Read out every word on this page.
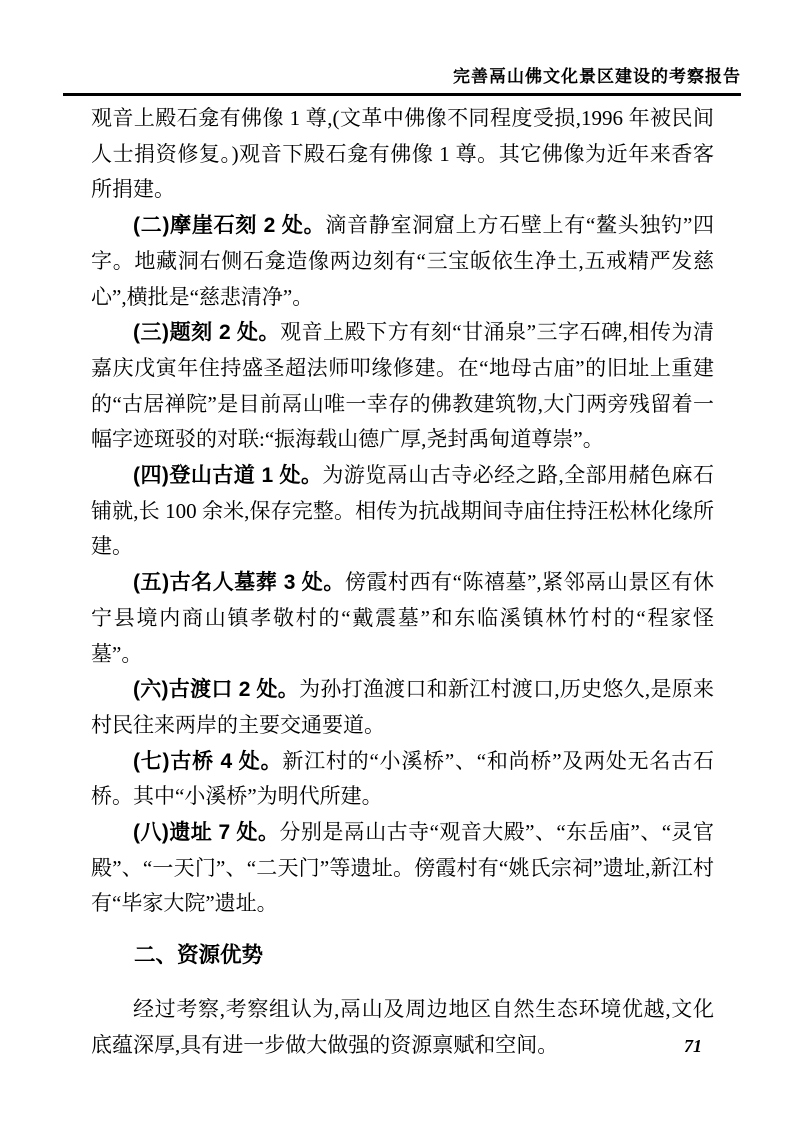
完善鬲山佛文化景区建设的考察报告

观音上殿石龛有佛像 1 尊,(文革中佛像不同程度受损,1996 年被民间人士捐资修复。)观音下殿石龛有佛像 1 尊。其它佛像为近年来香客所捐建。

(二)摩崖石刻 2 处。滴音静室洞窟上方石壁上有“鳌头独钓”四字。地藏洞右侧石龛造像两边刻有“三宝皈依生净土,五戒精严发慈心”,横批是“慈悲清净”。

(三)题刻 2 处。观音上殿下方有刻“甘涌泉”三字石碑,相传为清嘉庆戊寅年住持盛圣超法师叩缘修建。在“地母古庙”的旧址上重建的“古居禅院”是目前鬲山唯一幸存的佛教建筑物,大门两旁残留着一幅字迹斑驳的对联:“振海载山德广厚,尧封禹甸道尊崇”。

(四)登山古道 1 处。为游览鬲山古寺必经之路,全部用赭色麻石铺就,长 100 余米,保存完整。相传为抗战期间寺庙住持汪松林化缘所建。

(五)古名人墓葬 3 处。傍霞村西有“陈禧墓”,紧邻鬲山景区有休宁县境内商山镇孝敬村的“戴震墓”和东临溪镇林竹村的“程家怪墓”。

(六)古渡口 2 处。为孙打渔渡口和新江村渡口,历史悠久,是原来村民往来两岸的主要交通要道。

(七)古桥 4 处。新江村的“小溪桥”、“和尚桥”及两处无名古石桥。其中“小溪桥”为明代所建。

(八)遗址 7 处。分别是鬲山古寺“观音大殿”、“东岳庙”、“灵官殿”、“一天门”、“二天门”等遗址。傍霞村有“姚氏宗祠”遗址,新江村有“毕家大院”遗址。

二、资源优势

经过考察,考察组认为,鬲山及周边地区自然生态环境优越,文化底蕴深厚,具有进一步做大做强的资源禀赋和空间。	71
